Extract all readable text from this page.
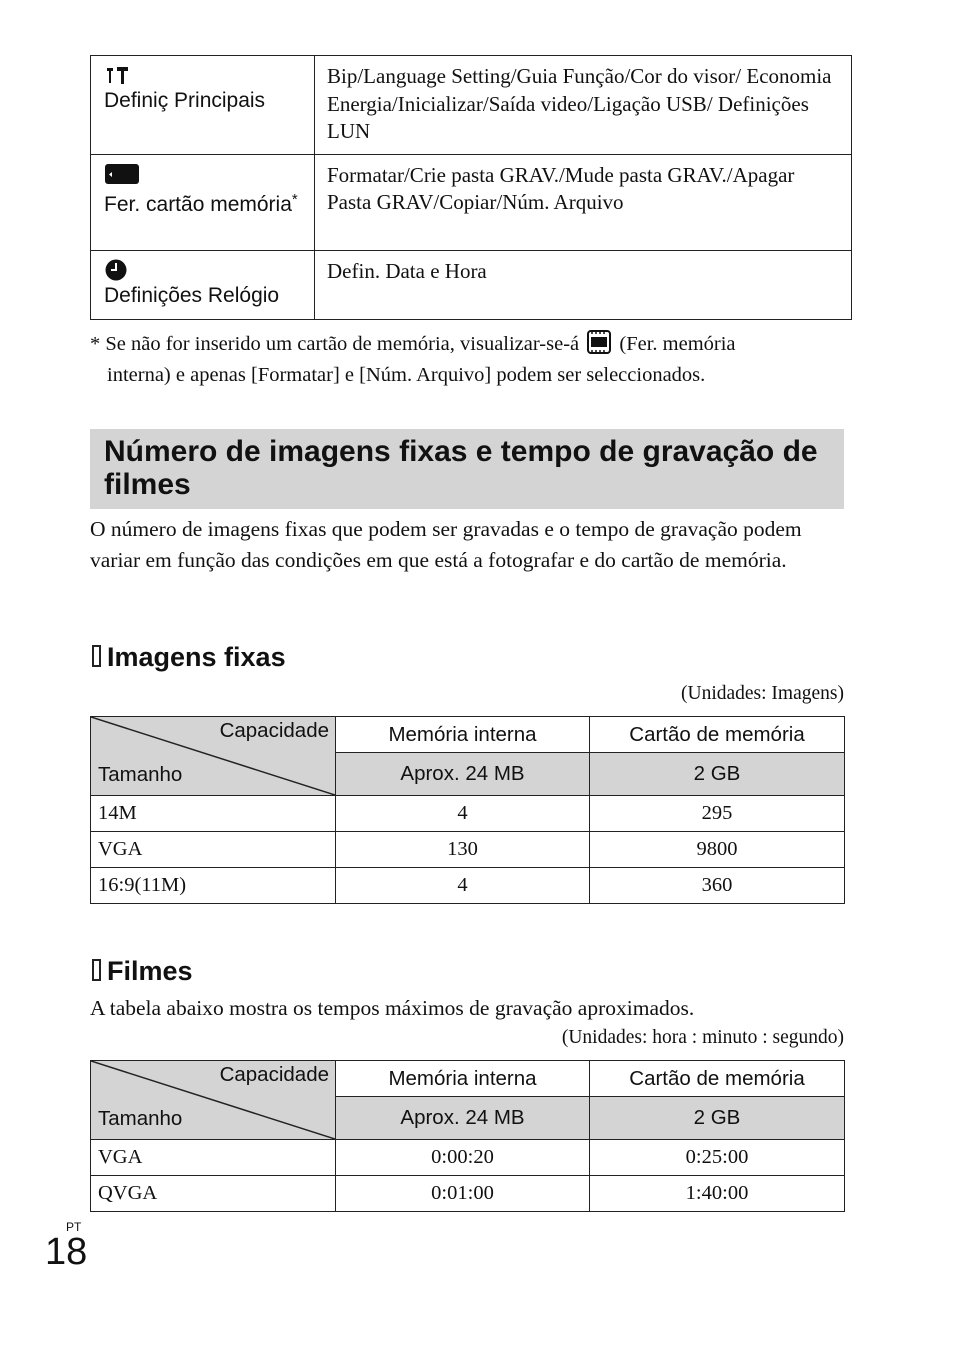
Definiç Principais	Bip/Language Setting/Guia Função/Cor do visor/ Economia Energia/Inicializar/Saída video/Ligação USB/ Definições LUN

Fer. cartão memória*	Formatar/Crie pasta GRAV./Mude pasta GRAV./Apagar Pasta GRAV/Copiar/Núm. Arquivo

Definições Relógio	Defin. Data e Hora
* Se não for inserido um cartão de memória, visualizar-se-á (Fer. memória
interna) e apenas [Formatar] e [Núm. Arquivo] podem ser seleccionados.
Número de imagens fixas e tempo de gravação de filmes
O número de imagens fixas que podem ser gravadas e o tempo de gravação podem variar em função das condições em que está a fotografar e do cartão de memória.
Imagens fixas
(Unidades: Imagens)
Capacidade
Tamanho	Memória interna	Cartão de memória
	Aprox. 24 MB	2 GB
14M	4	295
VGA	130	9800
16:9(11M)	4	360
Filmes
A tabela abaixo mostra os tempos máximos de gravação aproximados.
(Unidades: hora : minuto : segundo)
Capacidade
Tamanho	Memória interna	Cartão de memória
	Aprox. 24 MB	2 GB
VGA	0:00:20	0:25:00
QVGA	0:01:00	1:40:00
PT
18
